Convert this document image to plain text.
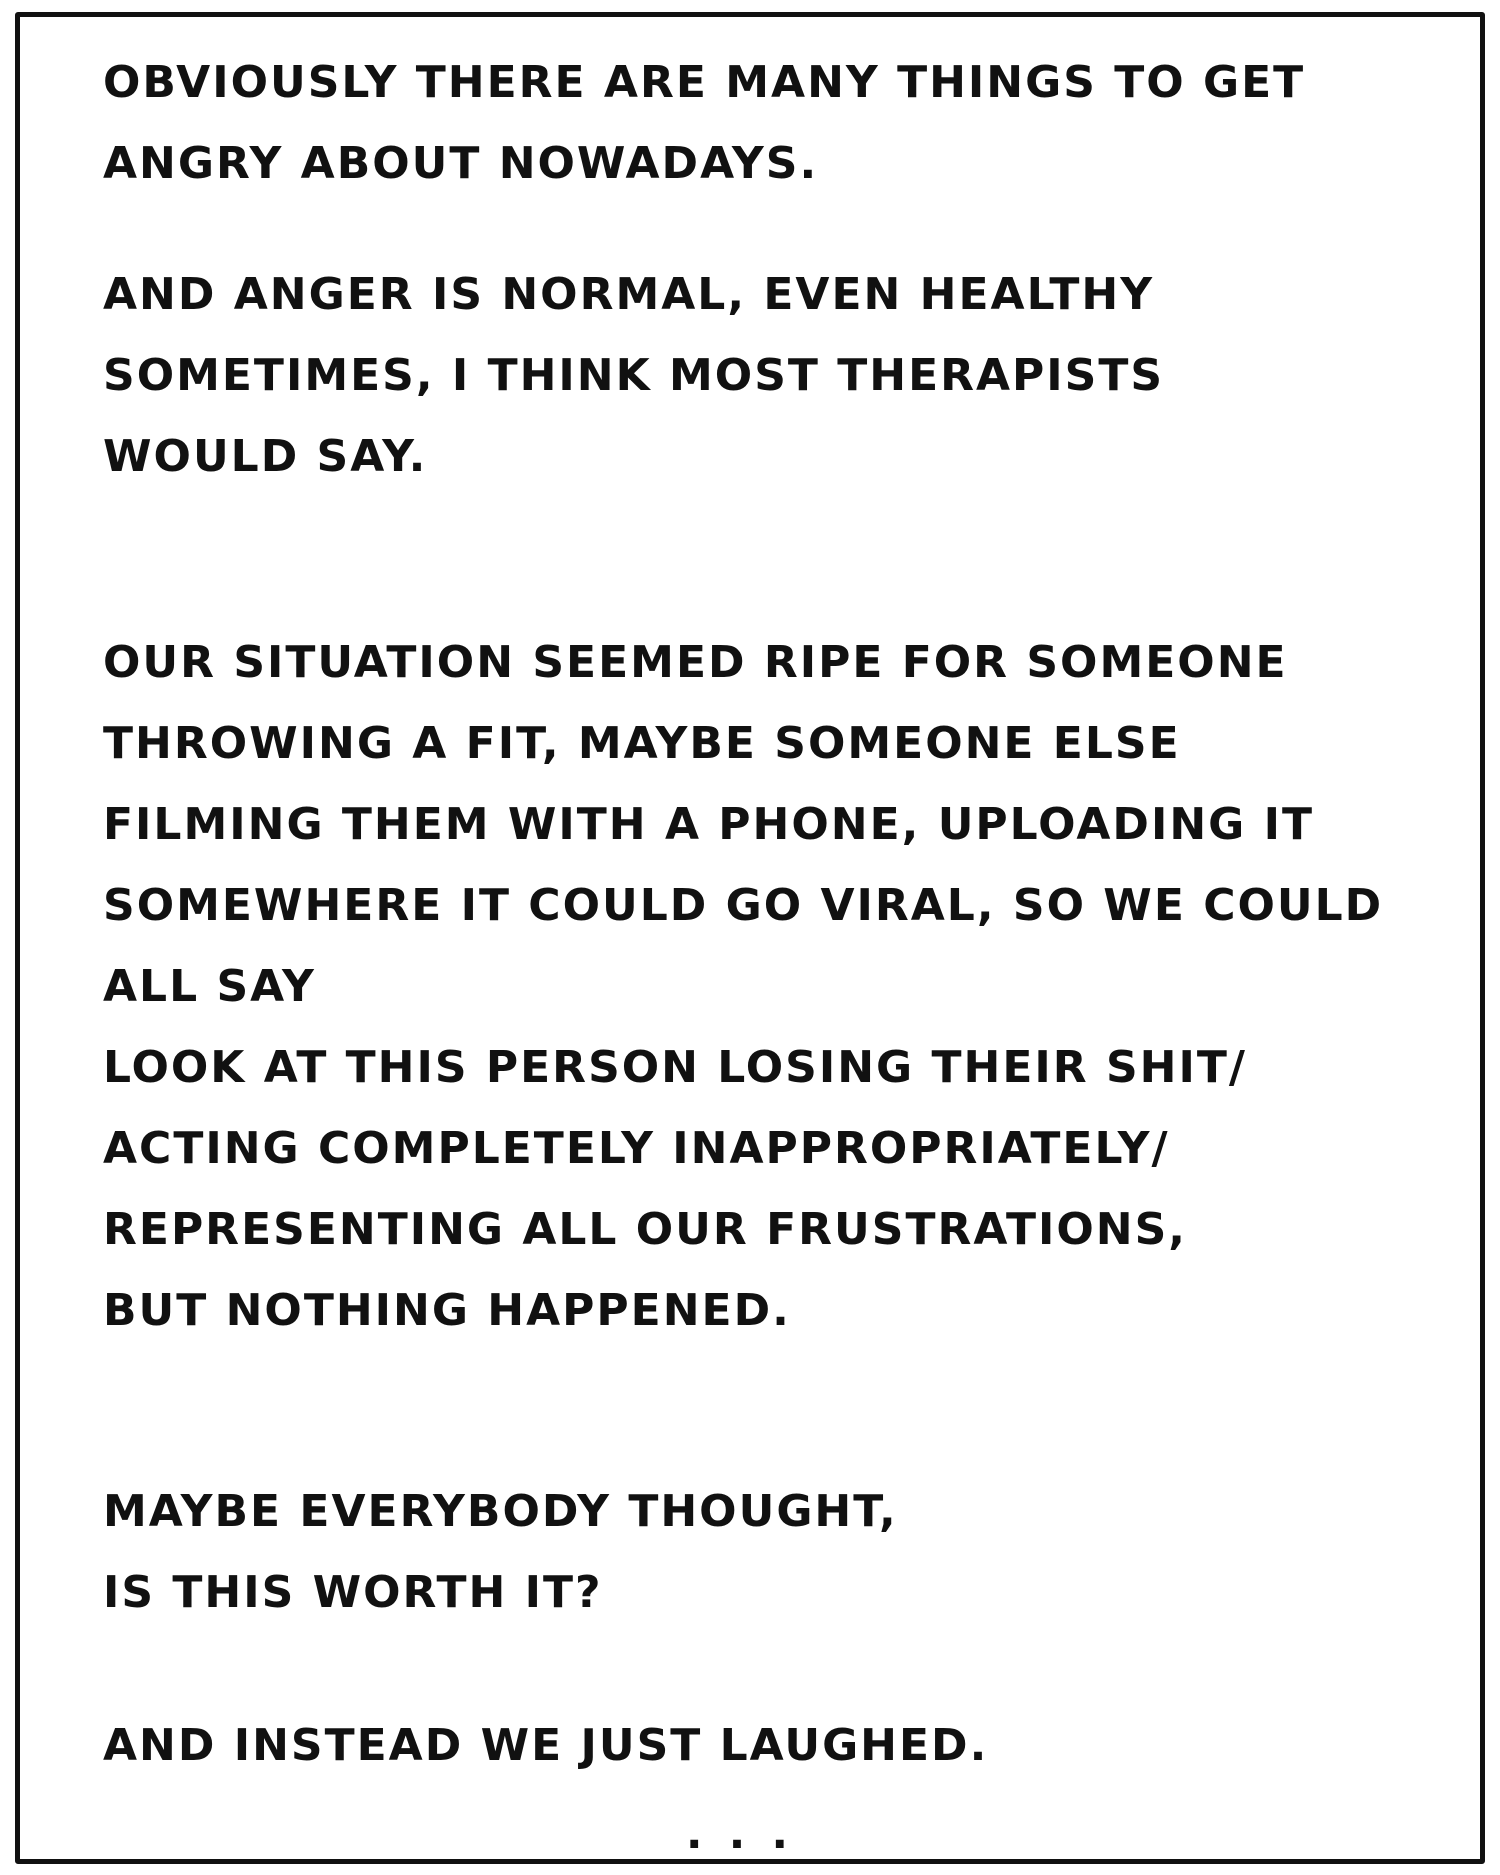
OBVIOUSLY THERE ARE MANY THINGS TO GET
ANGRY ABOUT NOWADAYS.

AND ANGER IS NORMAL, EVEN HEALTHY
SOMETIMES, I THINK MOST THERAPISTS
WOULD SAY.

OUR SITUATION SEEMED RIPE FOR SOMEONE
THROWING A FIT, MAYBE SOMEONE ELSE
FILMING THEM WITH A PHONE, UPLOADING IT
SOMEWHERE IT COULD GO VIRAL, SO WE COULD
ALL SAY
LOOK AT THIS PERSON LOSING THEIR SHIT/
ACTING COMPLETELY INAPPROPRIATELY/
REPRESENTING ALL OUR FRUSTRATIONS,
BUT NOTHING HAPPENED.

MAYBE EVERYBODY THOUGHT,
IS THIS WORTH IT?

AND INSTEAD WE JUST LAUGHED.

...
